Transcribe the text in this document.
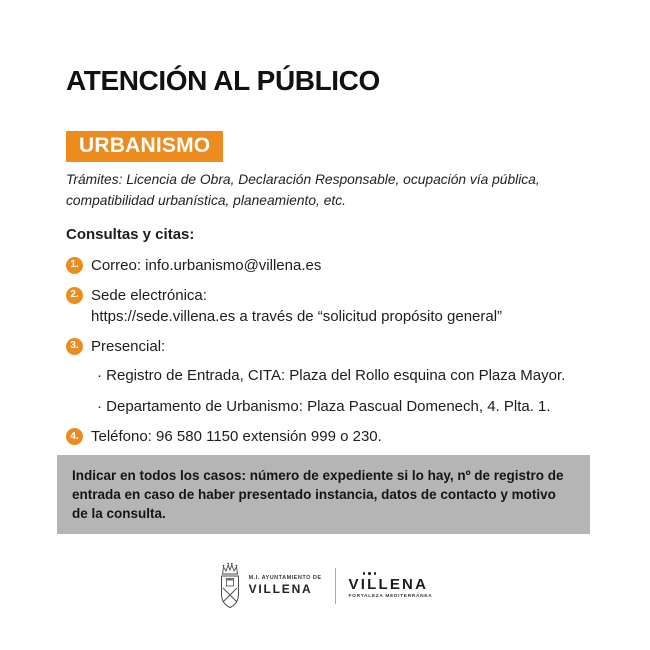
ATENCIÓN AL PÚBLICO
URBANISMO

Trámites: Licencia de Obra, Declaración Responsable, ocupación vía pública, compatibilidad urbanística, planeamiento, etc.

Consultas y citas:
1. Correo: info.urbanismo@villena.es
2. Sede electrónica:
https://sede.villena.es a través de “solicitud propósito general”
3. Presencial:
· Registro de Entrada, CITA: Plaza del Rollo esquina con Plaza Mayor.
· Departamento de Urbanismo: Plaza Pascual Domenech, 4. Plta. 1.
4. Teléfono: 96 580 1150 extensión 999 o 230.
Indicar en todos los casos: número de expediente si lo hay, nº de registro de entrada en caso de haber presentado instancia, datos de contacto y motivo de la consulta.
M.I. AYUNTAMIENTO DE
VILLENA	VILLENA
FORTALEZA MEDITERRÁNEA
